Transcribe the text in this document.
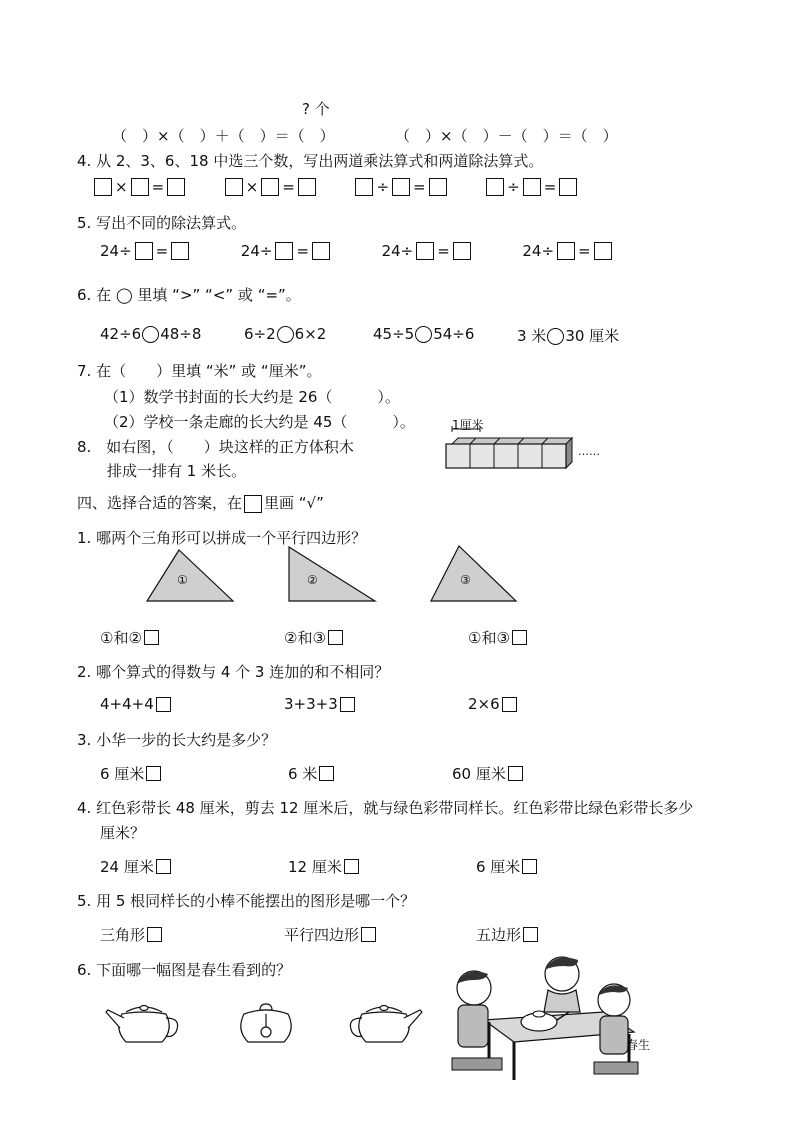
? 个
（　）×（　）＋（　）＝（　）	（　）×（　）－（　）＝（　）
4. 从 2、3、6、18 中选三个数，写出两道乘法算式和两道除法算式。
× =
	× =
	÷ =
	÷ =
5. 写出不同的除法算式。
24÷ =
	24÷ =
	24÷ =
	24÷ =
6. 在 ◯ 里填 “>” “<” 或 “=”。
42÷6 48÷8	6÷2 6×2	45÷5 54÷6	3 米 30 厘米
7. 在（　　）里填 “米” 或 “厘米”。
（1）数学书封面的长大约是 26（　　　）。
（2）学校一条走廊的长大约是 45（　　　）。
8.　如右图，（　　）块这样的正方体积木
排成一排有 1 米长。
1厘米
……
四、选择合适的答案，在 里画 “√”
1. 哪两个三角形可以拼成一个平行四边形？
①	②	③
①和②	②和③	①和③
2. 哪个算式的得数与 4 个 3 连加的和不相同？
4+4+4	3+3+3	2×6
3. 小华一步的长大约是多少？
6 厘米	6 米	60 厘米
4. 红色彩带长 48 厘米，剪去 12 厘米后，就与绿色彩带同样长。红色彩带比绿色彩带长多少
厘米？
24 厘米	12 厘米	6 厘米
5. 用 5 根同样长的小棒不能摆出的图形是哪一个？
三角形	平行四边形	五边形
6. 下面哪一幅图是春生看到的？
春生
